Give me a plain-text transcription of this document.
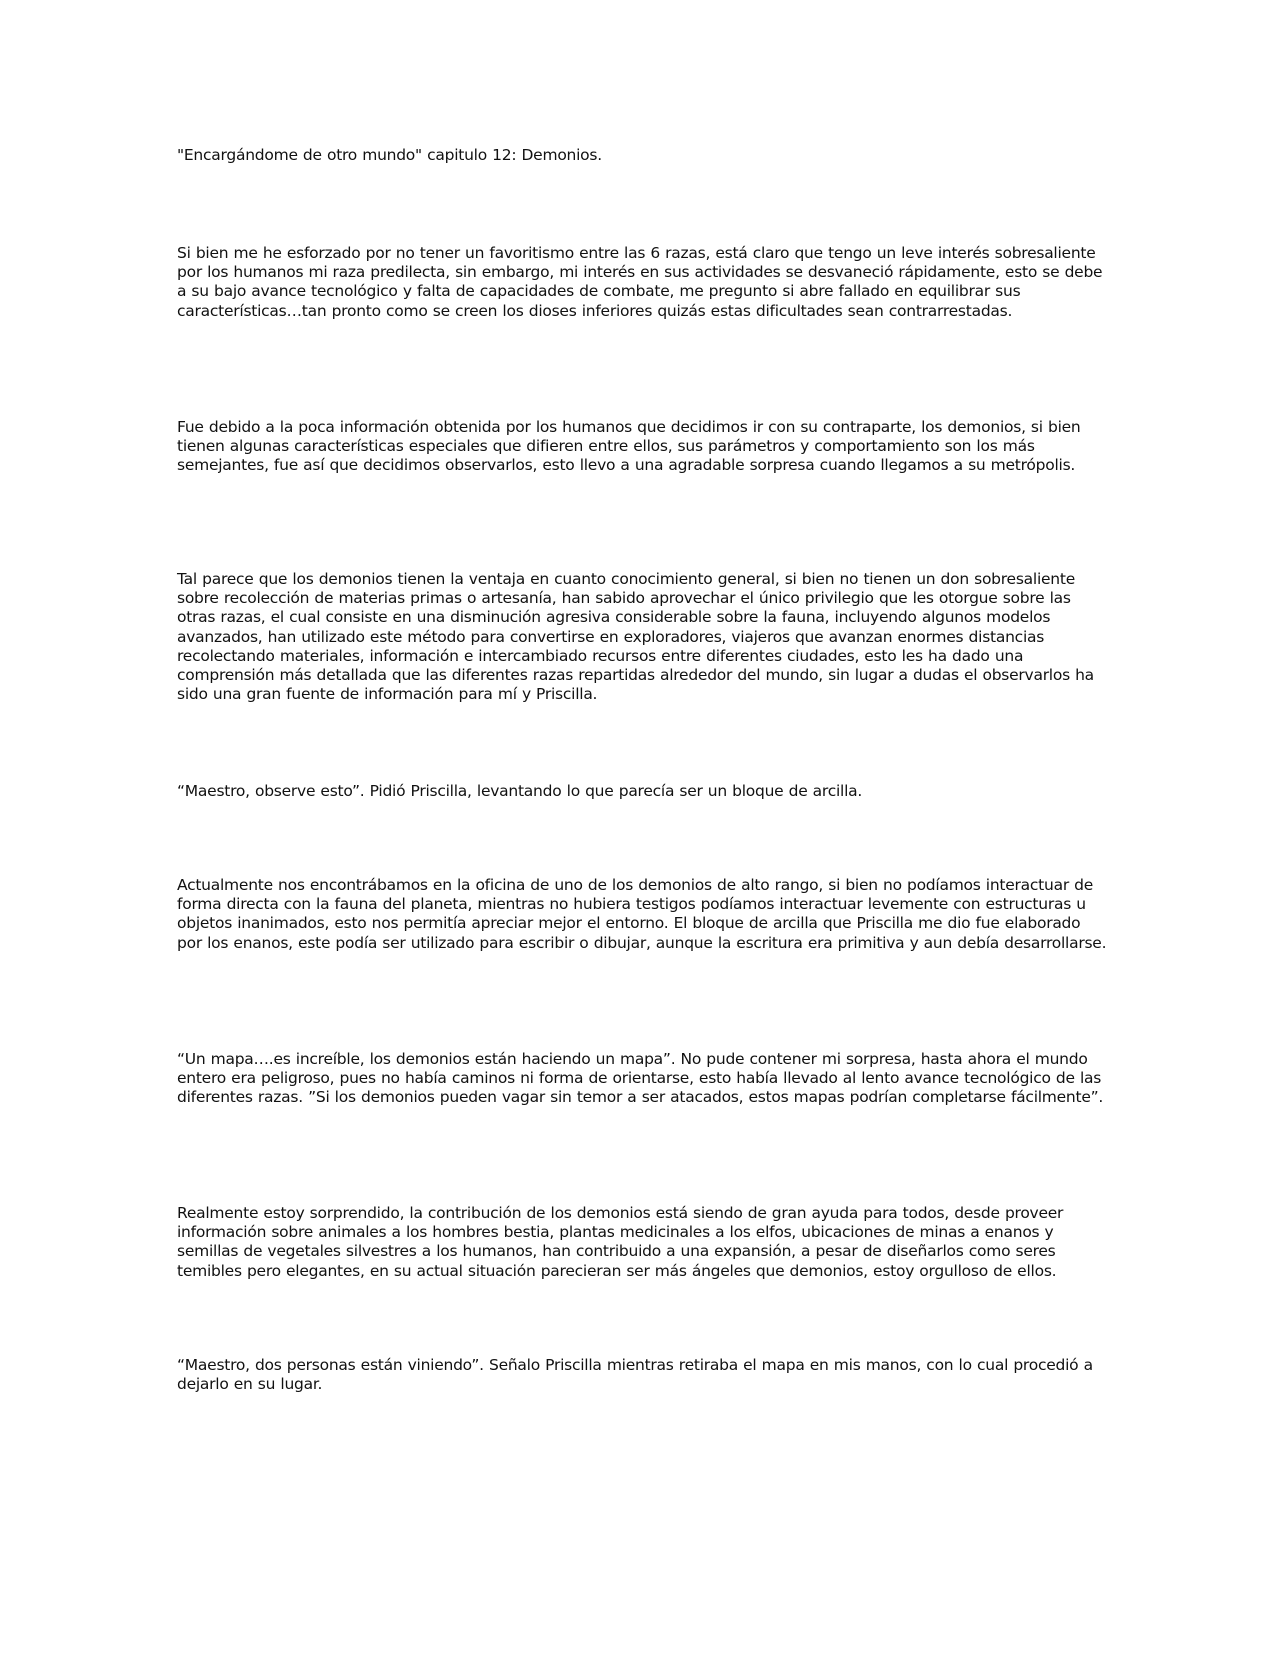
"Encargándome de otro mundo" capitulo 12: Demonios.

Si bien me he esforzado por no tener un favoritismo entre las 6 razas, está claro que tengo un leve interés sobresaliente por los humanos mi raza predilecta, sin embargo, mi interés en sus actividades se desvaneció rápidamente, esto se debe a su bajo avance tecnológico y falta de capacidades de combate, me pregunto si abre fallado en equilibrar sus características…tan pronto como se creen los dioses inferiores quizás estas dificultades sean contrarrestadas.

Fue debido a la poca información obtenida por los humanos que decidimos ir con su contraparte, los demonios, si bien tienen algunas características especiales que difieren entre ellos, sus parámetros y comportamiento son los más semejantes, fue así que decidimos observarlos, esto llevo a una agradable sorpresa cuando llegamos a su metrópolis.

Tal parece que los demonios tienen la ventaja en cuanto conocimiento general, si bien no tienen un don sobresaliente sobre recolección de materias primas o artesanía, han sabido aprovechar el único privilegio que les otorgue sobre las otras razas, el cual consiste en una disminución agresiva considerable sobre la fauna, incluyendo algunos modelos avanzados, han utilizado este método para convertirse en exploradores, viajeros que avanzan enormes distancias recolectando materiales, información e intercambiado recursos entre diferentes ciudades, esto les ha dado una comprensión más detallada que las diferentes razas repartidas alrededor del mundo, sin lugar a dudas el observarlos ha sido una gran fuente de información para mí y Priscilla.

“Maestro, observe esto”. Pidió Priscilla, levantando lo que parecía ser un bloque de arcilla.

Actualmente nos encontrábamos en la oficina de uno de los demonios de alto rango, si bien no podíamos interactuar de forma directa con la fauna del planeta, mientras no hubiera testigos podíamos interactuar levemente con estructuras u objetos inanimados, esto nos permitía apreciar mejor el entorno. El bloque de arcilla que Priscilla me dio fue elaborado por los enanos, este podía ser utilizado para escribir o dibujar, aunque la escritura era primitiva y aun debía desarrollarse.

“Un mapa….es increíble, los demonios están haciendo un mapa”. No pude contener mi sorpresa, hasta ahora el mundo entero era peligroso, pues no había caminos ni forma de orientarse, esto había llevado al lento avance tecnológico de las diferentes razas. ”Si los demonios pueden vagar sin temor a ser atacados, estos mapas podrían completarse fácilmente”.

Realmente estoy sorprendido, la contribución de los demonios está siendo de gran ayuda para todos, desde proveer información sobre animales a los hombres bestia, plantas medicinales a los elfos, ubicaciones de minas a enanos y semillas de vegetales silvestres a los humanos, han contribuido a una expansión, a pesar de diseñarlos como seres temibles pero elegantes, en su actual situación parecieran ser más ángeles que demonios, estoy orgulloso de ellos.

“Maestro, dos personas están viniendo”. Señalo Priscilla mientras retiraba el mapa en mis manos, con lo cual procedió a dejarlo en su lugar.
